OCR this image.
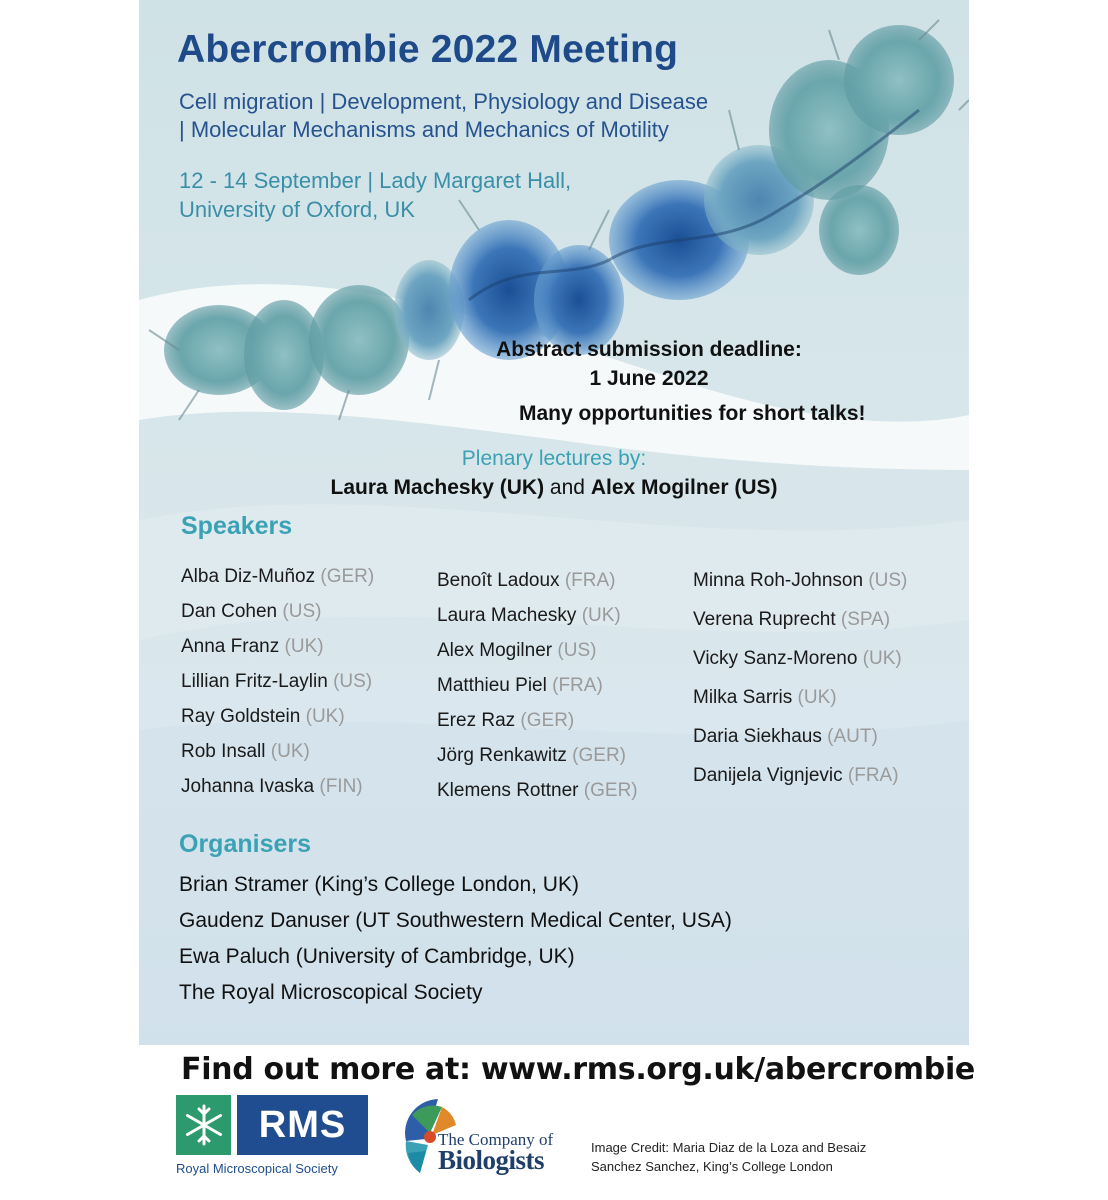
Abercrombie 2022 Meeting
Cell migration | Development, Physiology and Disease
| Molecular Mechanisms and Mechanics of Motility
12 - 14 September | Lady Margaret Hall,
University of Oxford, UK
Abstract submission deadline:
1 June 2022
Many opportunities for short talks!
Plenary lectures by:
Laura Machesky (UK) and Alex Mogilner (US)
Speakers
Alba Diz-Muñoz (GER)
Dan Cohen (US)
Anna Franz (UK)
Lillian Fritz-Laylin (US)
Ray Goldstein (UK)
Rob Insall (UK)
Johanna Ivaska (FIN)
Benoît Ladoux (FRA)
Laura Machesky (UK)
Alex Mogilner (US)
Matthieu Piel (FRA)
Erez Raz (GER)
Jörg Renkawitz (GER)
Klemens Rottner (GER)
Minna Roh-Johnson (US)
Verena Ruprecht (SPA)
Vicky Sanz-Moreno (UK)
Milka Sarris (UK)
Daria Siekhaus (AUT)
Danijela Vignjevic (FRA)
Organisers
Brian Stramer (King’s College London, UK)
Gaudenz Danuser (UT Southwestern Medical Center, USA)
Ewa Paluch (University of Cambridge, UK)
The Royal Microscopical Society
Find out more at: www.rms.org.uk/abercrombie
RMS
Royal Microscopical Society
The Company of
Biologists	Image Credit: Maria Diaz de la Loza and Besaiz
Sanchez Sanchez, King’s College London
